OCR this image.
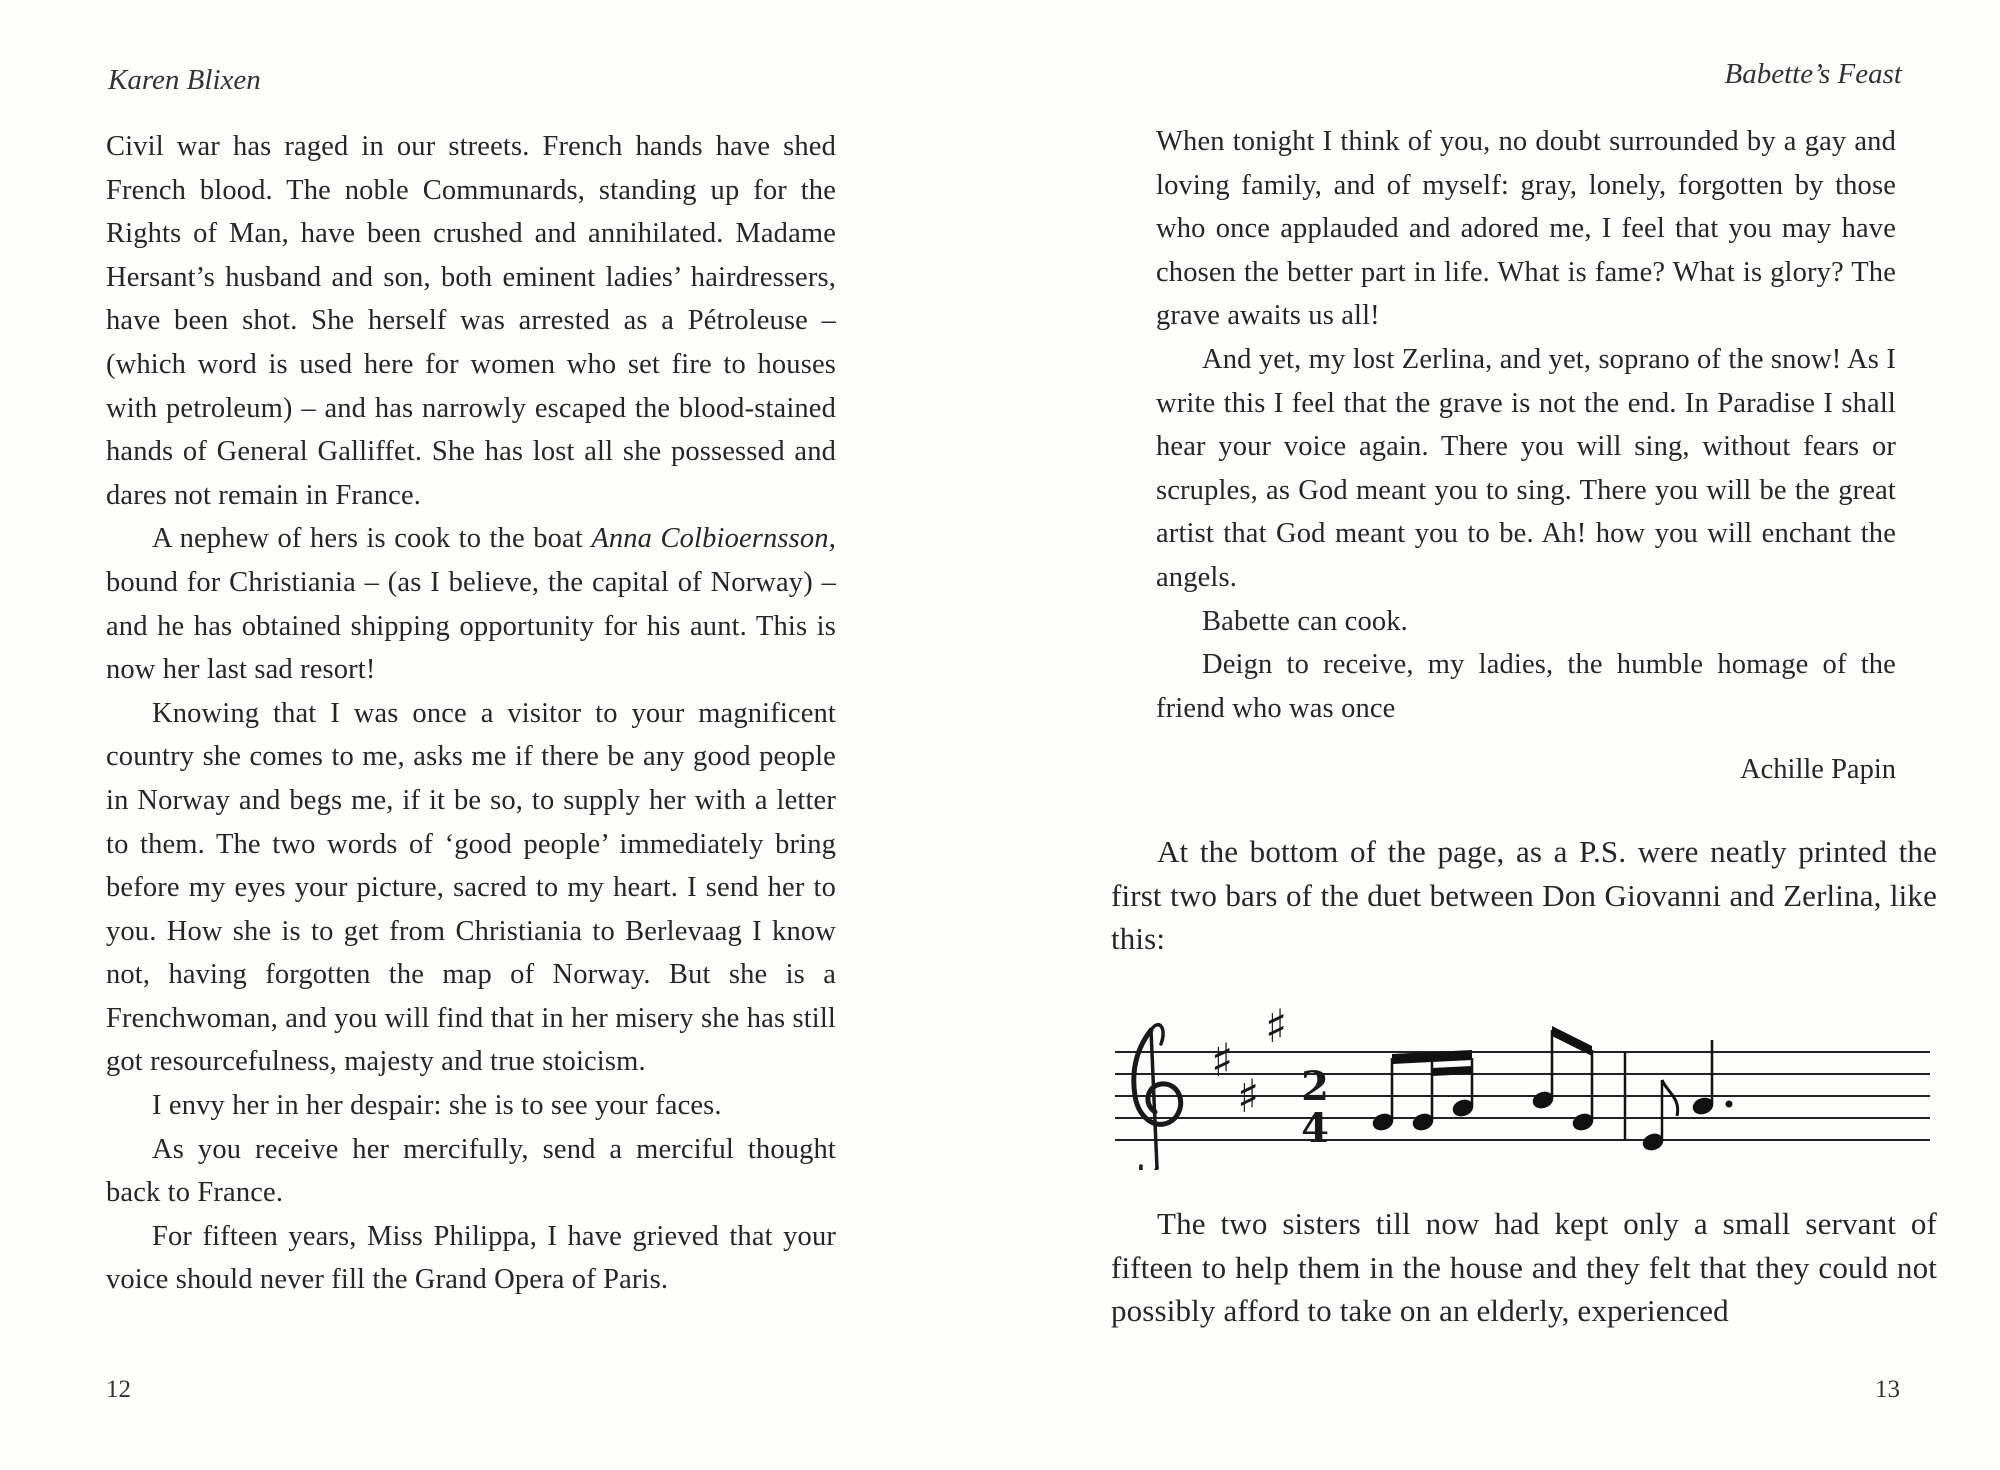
Karen Blixen

Civil war has raged in our streets. French hands have shed French blood. The noble Communards, standing up for the Rights of Man, have been crushed and annihilated. Madame Hersant’s husband and son, both eminent ladies’ hairdressers, have been shot. She herself was arrested as a Pétroleuse – (which word is used here for women who set fire to houses with petroleum) – and has narrowly escaped the blood-stained hands of General Galliffet. She has lost all she possessed and dares not remain in France.

A nephew of hers is cook to the boat Anna Colbioernsson, bound for Christiania – (as I believe, the capital of Norway) – and he has obtained shipping opportunity for his aunt. This is now her last sad resort!

Knowing that I was once a visitor to your magnificent country she comes to me, asks me if there be any good people in Norway and begs me, if it be so, to supply her with a letter to them. The two words of ‘good people’ immediately bring before my eyes your picture, sacred to my heart. I send her to you. How she is to get from Christiania to Berlevaag I know not, having forgotten the map of Norway. But she is a Frenchwoman, and you will find that in her misery she has still got resourcefulness, majesty and true stoicism.

I envy her in her despair: she is to see your faces.

As you receive her mercifully, send a merciful thought back to France.

For fifteen years, Miss Philippa, I have grieved that your voice should never fill the Grand Opera of Paris.

12

Babette’s Feast

When tonight I think of you, no doubt surrounded by a gay and loving family, and of myself: gray, lonely, forgotten by those who once applauded and adored me, I feel that you may have chosen the better part in life. What is fame? What is glory? The grave awaits us all!

And yet, my lost Zerlina, and yet, soprano of the snow! As I write this I feel that the grave is not the end. In Paradise I shall hear your voice again. There you will sing, without fears or scruples, as God meant you to sing. There you will be the great artist that God meant you to be. Ah! how you will enchant the angels.

Babette can cook.

Deign to receive, my ladies, the humble homage of the friend who was once

Achille Papin

At the bottom of the page, as a P.S. were neatly printed the first two bars of the duet between Don Giovanni and Zerlina, like this:

♯
♯
♯
2
4

The two sisters till now had kept only a small servant of fifteen to help them in the house and they felt that they could not possibly afford to take on an elderly, experienced

13
